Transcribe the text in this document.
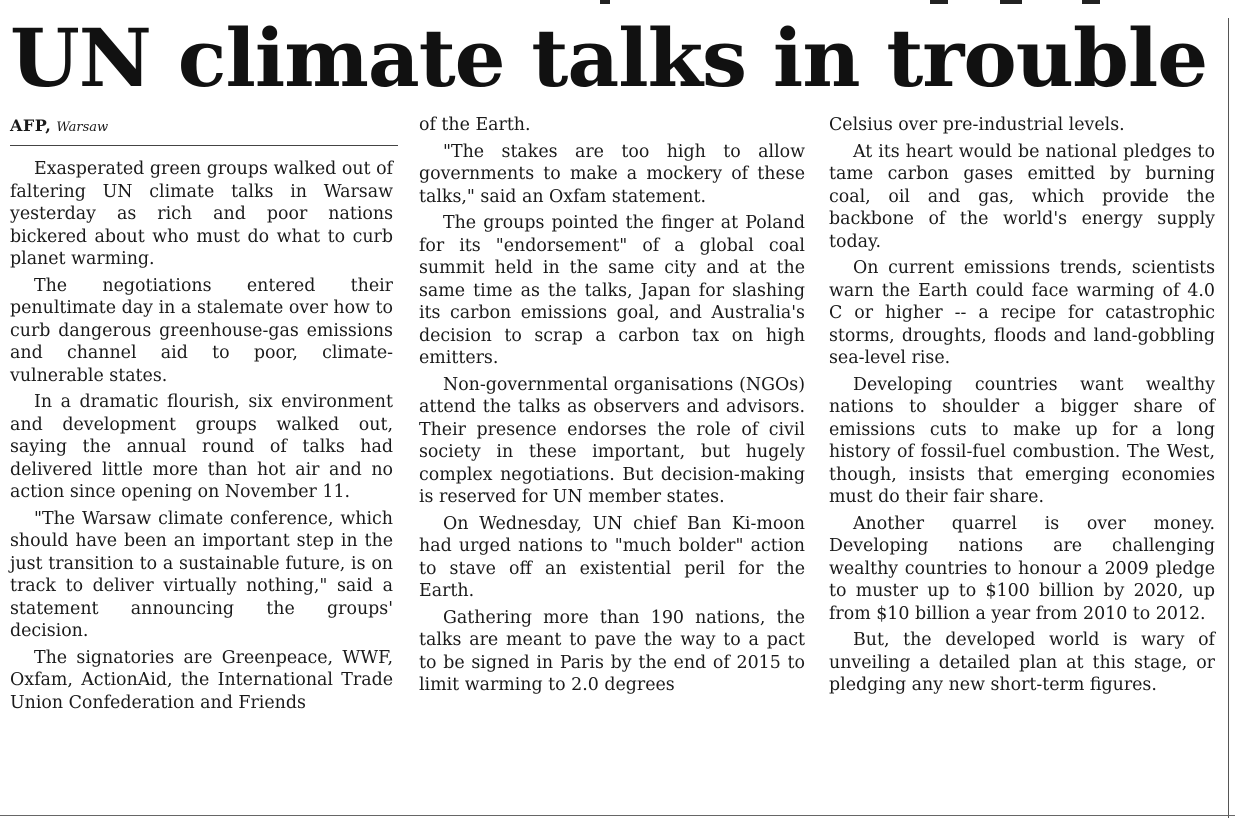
UN climate talks in trouble
AFP, Warsaw

Exasperated green groups walked out of faltering UN climate talks in Warsaw yesterday as rich and poor nations bickered about who must do what to curb planet warming.

The negotiations entered their penultimate day in a stalemate over how to curb dangerous greenhouse-gas emissions and channel aid to poor, climate-vulnerable states.

In a dramatic flourish, six environment and development groups walked out, saying the annual round of talks had delivered little more than hot air and no action since opening on November 11.

"The Warsaw climate conference, which should have been an important step in the just transition to a sustainable future, is on track to deliver virtually nothing," said a statement announcing the groups' decision.

The signatories are Greenpeace, WWF, Oxfam, ActionAid, the International Trade Union Confederation and Friends

of the Earth.

"The stakes are too high to allow governments to make a mockery of these talks," said an Oxfam statement.

The groups pointed the finger at Poland for its "endorsement" of a global coal summit held in the same city and at the same time as the talks, Japan for slashing its carbon emissions goal, and Australia's decision to scrap a carbon tax on high emitters.

Non-governmental organisations (NGOs) attend the talks as observers and advisors. Their presence endorses the role of civil society in these important, but hugely complex negotiations. But decision-making is reserved for UN member states.

On Wednesday, UN chief Ban Ki-moon had urged nations to "much bolder" action to stave off an existential peril for the Earth.

Gathering more than 190 nations, the talks are meant to pave the way to a pact to be signed in Paris by the end of 2015 to limit warming to 2.0 degrees

Celsius over pre-industrial levels.

At its heart would be national pledges to tame carbon gases emitted by burning coal, oil and gas, which provide the backbone of the world's energy supply today.

On current emissions trends, scientists warn the Earth could face warming of 4.0 C or higher -- a recipe for catastrophic storms, droughts, floods and land-gobbling sea-level rise.

Developing countries want wealthy nations to shoulder a bigger share of emissions cuts to make up for a long history of fossil-fuel combustion. The West, though, insists that emerging economies must do their fair share.

Another quarrel is over money. Developing nations are challenging wealthy countries to honour a 2009 pledge to muster up to $100 billion by 2020, up from $10 billion a year from 2010 to 2012.

But, the developed world is wary of unveiling a detailed plan at this stage, or pledging any new short-term figures.
